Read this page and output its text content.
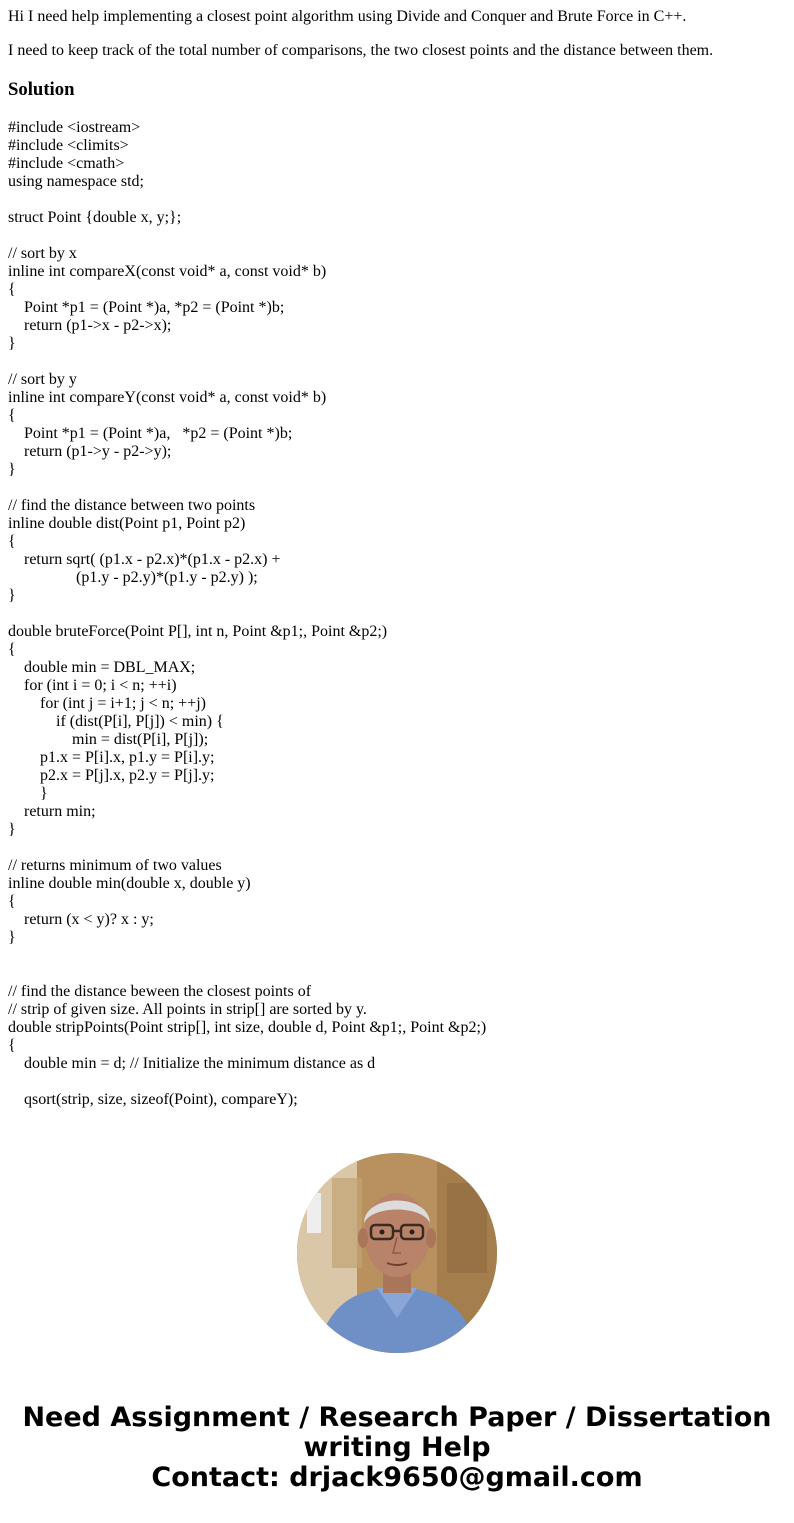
Hi I need help implementing a closest point algorithm using Divide and Conquer and Brute Force in C++.

I need to keep track of the total number of comparisons, the two closest points and the distance between them.

Solution
#include <iostream>
#include <climits>
#include <cmath>
using namespace std;

struct Point {double x, y;};

// sort by x
inline int compareX(const void* a, const void* b)
{
Point *p1 = (Point *)a, *p2 = (Point *)b;
return (p1->x - p2->x);
}

// sort by y
inline int compareY(const void* a, const void* b)
{
Point *p1 = (Point *)a,   *p2 = (Point *)b;
return (p1->y - p2->y);
}

// find the distance between two points
inline double dist(Point p1, Point p2)
{
return sqrt( (p1.x - p2.x)*(p1.x - p2.x) +
(p1.y - p2.y)*(p1.y - p2.y) );
}

double bruteForce(Point P[], int n, Point &p1;, Point &p2;)
{
double min = DBL_MAX;
for (int i = 0; i < n; ++i)
for (int j = i+1; j < n; ++j)
if (dist(P[i], P[j]) < min) {
min = dist(P[i], P[j]);
p1.x = P[i].x, p1.y = P[i].y;
p2.x = P[j].x, p2.y = P[j].y;
}
return min;
}

// returns minimum of two values
inline double min(double x, double y)
{
return (x < y)? x : y;
}

// find the distance beween the closest points of
// strip of given size. All points in strip[] are sorted by y.
double stripPoints(Point strip[], int size, double d, Point &p1;, Point &p2;)
{
double min = d; // Initialize the minimum distance as d

qsort(strip, size, sizeof(Point), compareY);
Need Assignment / Research Paper / Dissertation
writing Help
Contact: drjack9650@gmail.com
